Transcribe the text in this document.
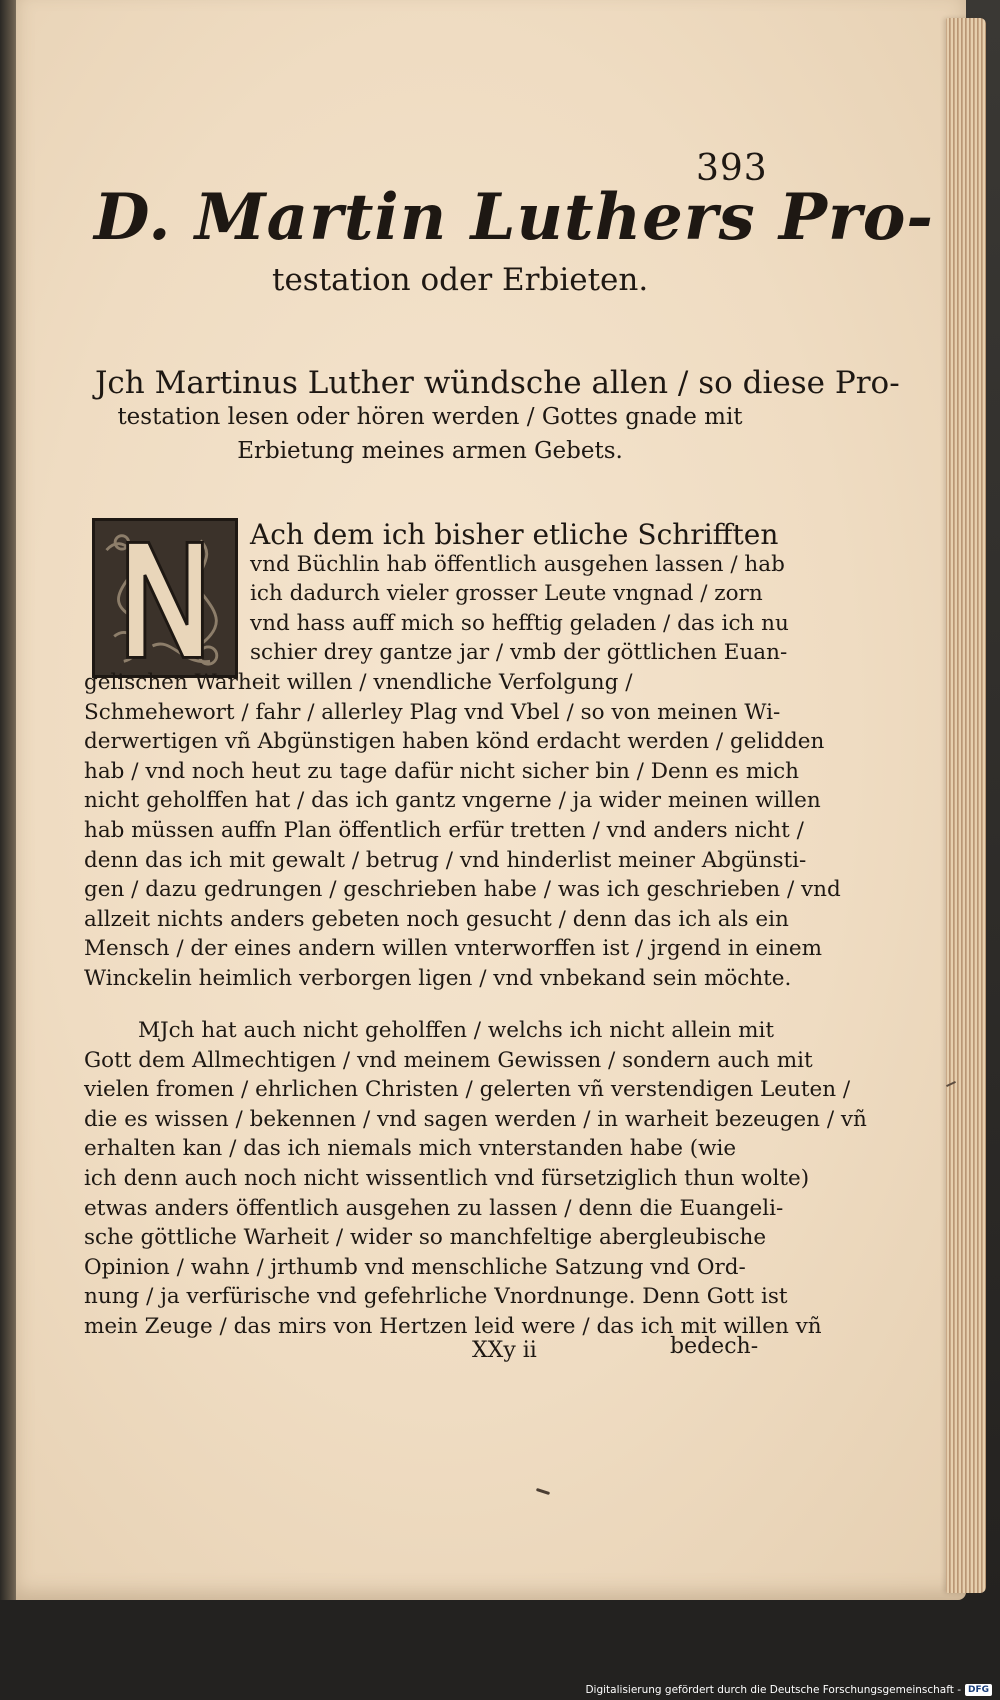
393
D. Martin Luthers Pro-
testation oder Erbieten.
Jch Martinus Luther wündsche allen / so diese Pro-
testation lesen oder hören werden / Gottes gnade mit
Erbietung meines armen Gebets.
Ach dem ich bisher etliche Schrifften
vnd Büchlin hab öffentlich ausgehen lassen / hab
ich dadurch vieler grosser Leute vngnad / zorn
vnd hass auff mich so hefftig geladen / das ich nu
schier drey gantze jar / vmb der göttlichen Euan-
gelischen Warheit willen / vnendliche Verfolgung /
Schmehewort / fahr / allerley Plag vnd Vbel / so von meinen Wi-
derwertigen vñ Abgünstigen haben könd erdacht werden / gelidden
hab / vnd noch heut zu tage dafür nicht sicher bin / Denn es mich
nicht geholffen hat / das ich gantz vngerne / ja wider meinen willen
hab müssen auffn Plan öffentlich erfür tretten / vnd anders nicht /
denn das ich mit gewalt / betrug / vnd hinderlist meiner Abgünsti-
gen / dazu gedrungen / geschrieben habe / was ich geschrieben / vnd
allzeit nichts anders gebeten noch gesucht / denn das ich als ein
Mensch / der eines andern willen vnterworffen ist / jrgend in einem
Winckelin heimlich verborgen ligen / vnd vnbekand sein möchte.
MJch hat auch nicht geholffen / welchs ich nicht allein mit
Gott dem Allmechtigen / vnd meinem Gewissen / sondern auch mit
vielen fromen / ehrlichen Christen / gelerten vñ verstendigen Leuten /
die es wissen / bekennen / vnd sagen werden / in warheit bezeugen / vñ
erhalten kan / das ich niemals mich vnterstanden habe (wie
ich denn auch noch nicht wissentlich vnd fürsetziglich thun wolte)
etwas anders öffentlich ausgehen zu lassen / denn die Euangeli-
sche göttliche Warheit / wider so manchfeltige abergleubische
Opinion / wahn / jrthumb vnd menschliche Satzung vnd Ord-
nung / ja verfürische vnd gefehrliche Vnordnunge. Denn Gott ist
mein Zeuge / das mirs von Hertzen leid were / das ich mit willen vñ
XXy ii	bedech-
Digitalisierung gefördert durch die Deutsche Forschungsgemeinschaft - DFG
